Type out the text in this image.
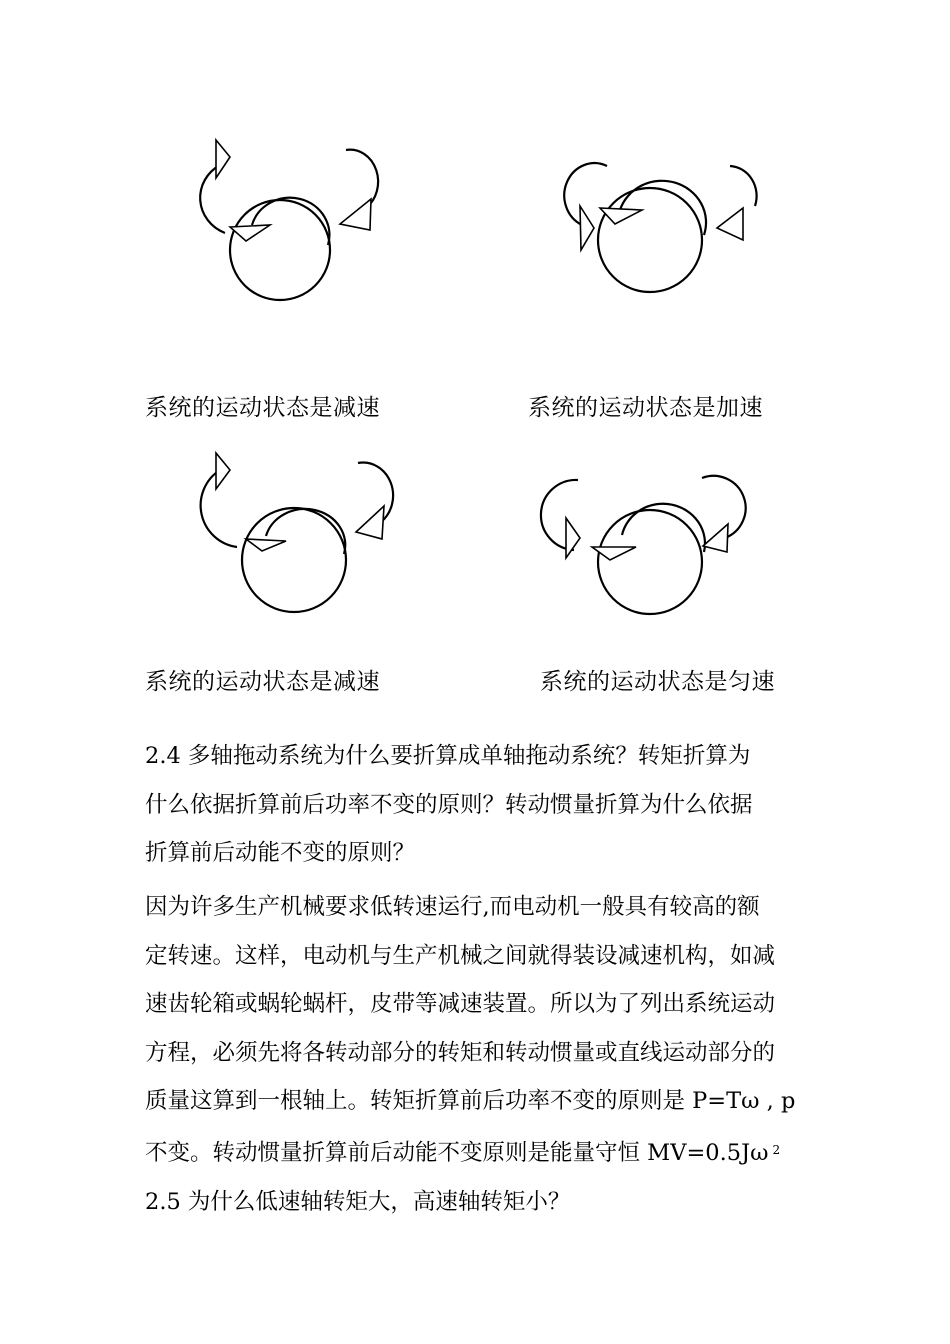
系统的运动状态是减速	系统的运动状态是加速
系统的运动状态是减速	系统的运动状态是匀速
2.4 多轴拖动系统为什么要折算成单轴拖动系统？转矩折算为
什么依据折算前后功率不变的原则？转动惯量折算为什么依据
折算前后动能不变的原则？
因为许多生产机械要求低转速运行,而电动机一般具有较高的额
定转速。这样，电动机与生产机械之间就得装设减速机构，如减
速齿轮箱或蜗轮蜗杆，皮带等减速装置。所以为了列出系统运动
方程，必须先将各转动部分的转矩和转动惯量或直线运动部分的
质量这算到一根轴上。转矩折算前后功率不变的原则是 P=Tω , p
不变。转动惯量折算前后动能不变原则是能量守恒 MV=0.5Jω $^2$
2.5 为什么低速轴转矩大，高速轴转矩小？
